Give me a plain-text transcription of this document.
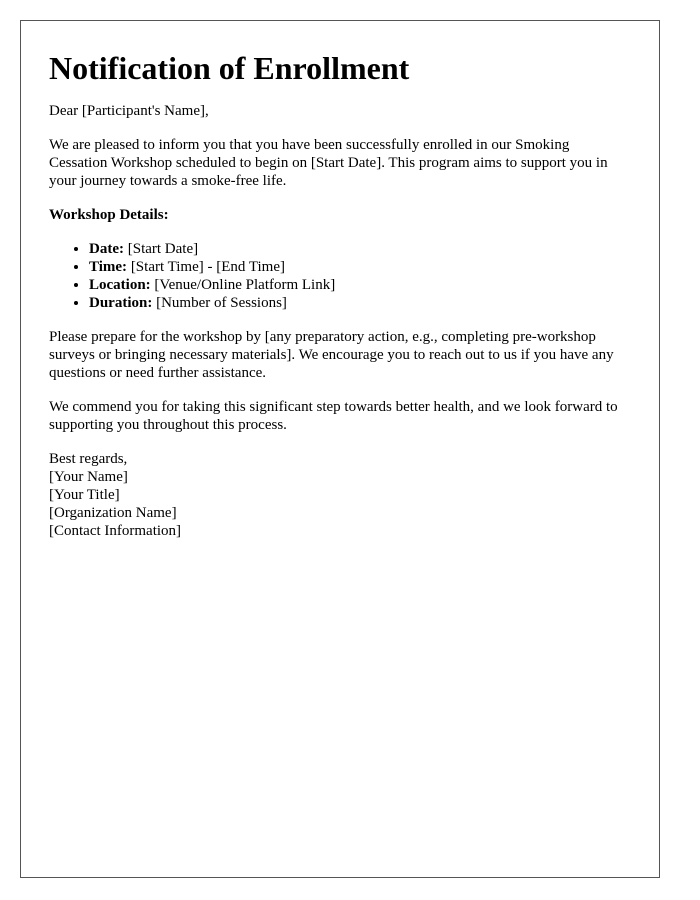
Notification of Enrollment

Dear [Participant's Name],

We are pleased to inform you that you have been successfully enrolled in our Smoking Cessation Workshop scheduled to begin on [Start Date]. This program aims to support you in your journey towards a smoke-free life.

Workshop Details:

• Date: [Start Date]
• Time: [Start Time] - [End Time]
• Location: [Venue/Online Platform Link]
• Duration: [Number of Sessions]

Please prepare for the workshop by [any preparatory action, e.g., completing pre-workshop surveys or bringing necessary materials]. We encourage you to reach out to us if you have any questions or need further assistance.

We commend you for taking this significant step towards better health, and we look forward to supporting you throughout this process.

Best regards,
[Your Name]
[Your Title]
[Organization Name]
[Contact Information]
